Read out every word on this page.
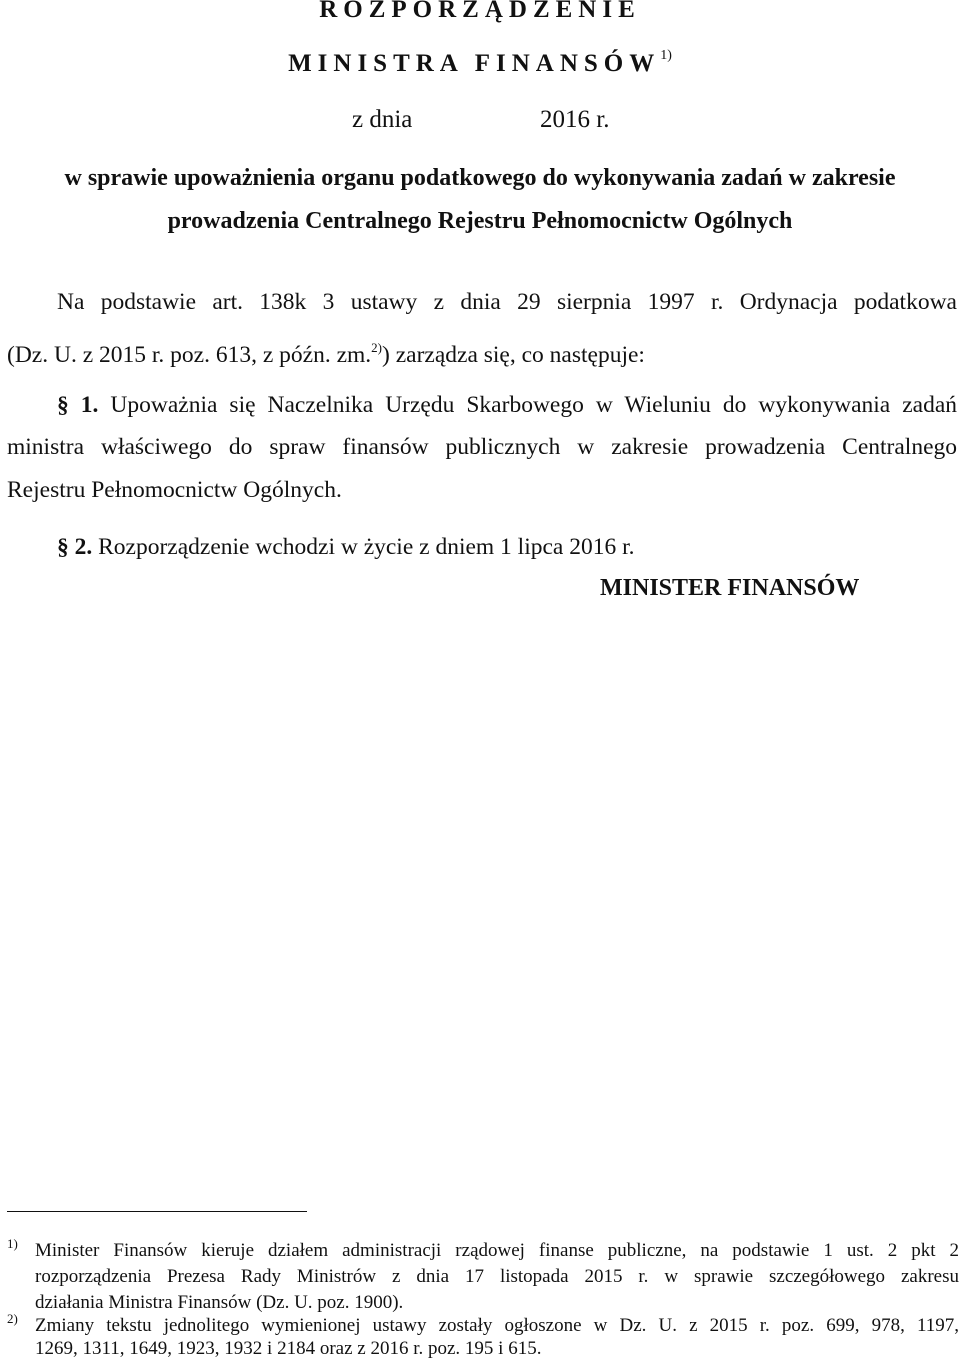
ROZPORZĄDZENIE
MINISTRA FINANSÓW$^{1)}$
z dnia	2016 r.
w sprawie upoważnienia organu podatkowego do wykonywania zadań w zakresie
prowadzenia Centralnego Rejestru Pełnomocnictw Ogólnych
Na podstawie art. 138k 3 ustawy z dnia 29 sierpnia 1997 r. Ordynacja podatkowa
(Dz. U. z 2015 r. poz. 613, z późn. zm.$^{2)}$) zarządza się, co następuje:
§ 1. Upoważnia się Naczelnika Urzędu Skarbowego w Wieluniu do wykonywania zadań
ministra właściwego do spraw finansów publicznych w zakresie prowadzenia Centralnego
Rejestru Pełnomocnictw Ogólnych.
§ 2. Rozporządzenie wchodzi w życie z dniem 1 lipca 2016 r.
MINISTER FINANSÓW
1) Minister Finansów kieruje działem administracji rządowej finanse publiczne, na podstawie 1 ust. 2 pkt 2
rozporządzenia Prezesa Rady Ministrów z dnia 17 listopada 2015 r. w sprawie szczegółowego zakresu
działania Ministra Finansów (Dz. U. poz. 1900).
2) Zmiany tekstu jednolitego wymienionej ustawy zostały ogłoszone w Dz. U. z 2015 r. poz. 699, 978, 1197,
1269, 1311, 1649, 1923, 1932 i 2184 oraz z 2016 r. poz. 195 i 615.
